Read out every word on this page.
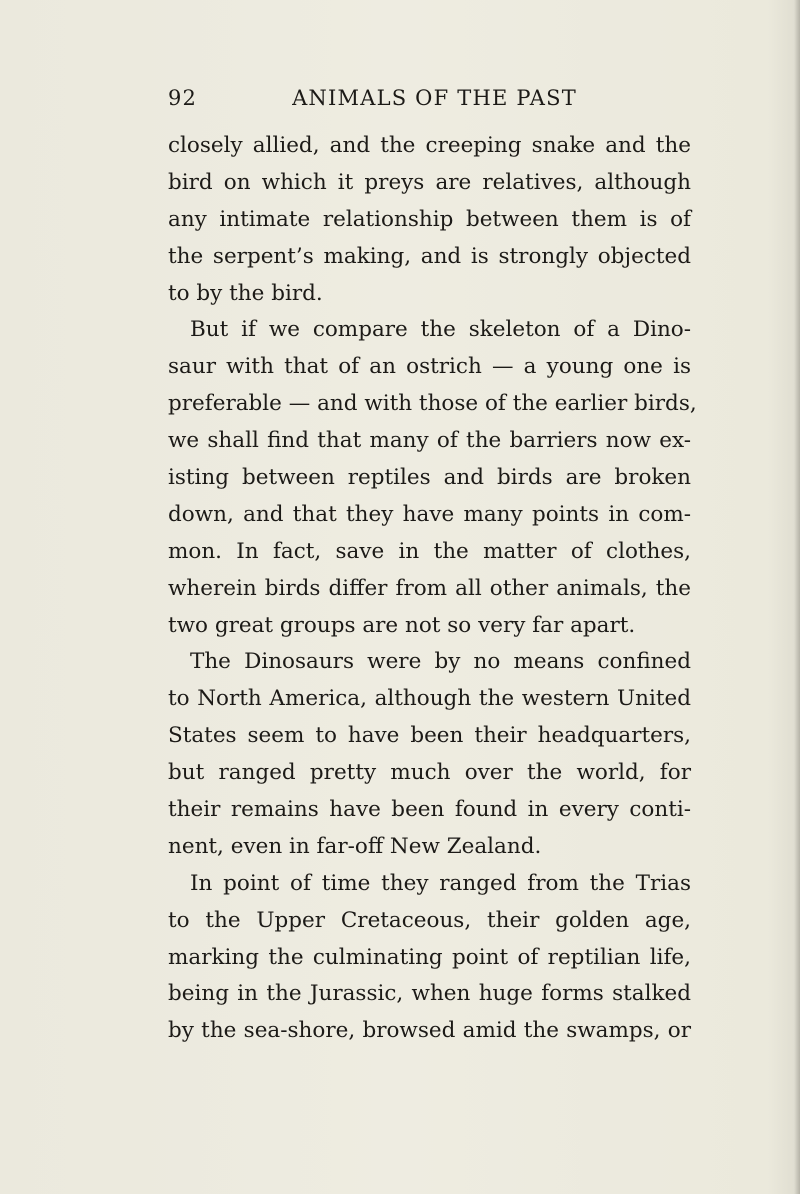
92	ANIMALS OF THE PAST
closely allied, and the creeping snake and the
bird on which it preys are relatives, although
any intimate relationship between them is of
the serpent’s making, and is strongly objected
to by the bird.
But if we compare the skeleton of a Dino-
saur with that of an ostrich — a young one is
preferable — and with those of the earlier birds,
we shall find that many of the barriers now ex-
isting between reptiles and birds are broken
down, and that they have many points in com-
mon. In fact, save in the matter of clothes,
wherein birds differ from all other animals, the
two great groups are not so very far apart.
The Dinosaurs were by no means confined
to North America, although the western United
States seem to have been their headquarters,
but ranged pretty much over the world, for
their remains have been found in every conti-
nent, even in far-off New Zealand.
In point of time they ranged from the Trias
to the Upper Cretaceous, their golden age,
marking the culminating point of reptilian life,
being in the Jurassic, when huge forms stalked
by the sea-shore, browsed amid the swamps, or
